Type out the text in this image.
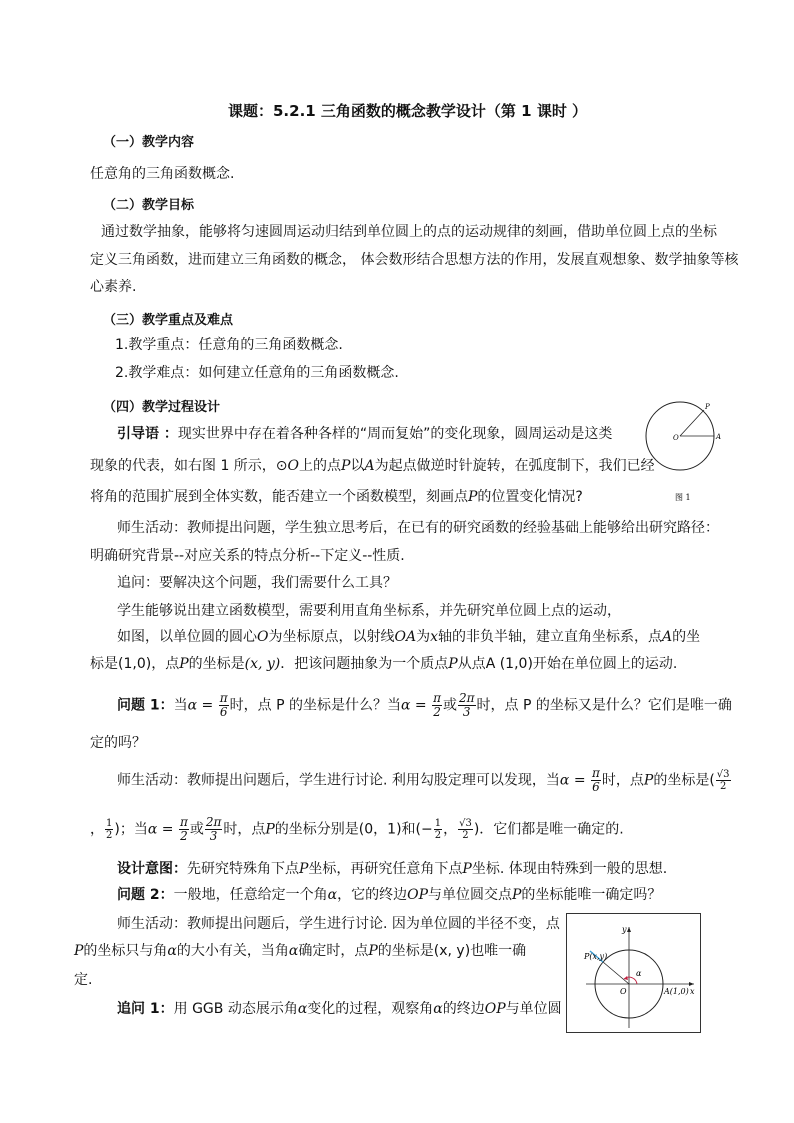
课题：5.2.1 三角函数的概念教学设计（第 1 课时 ）
（一）教学内容
任意角的三角函数概念.
（二）教学目标
通过数学抽象，能够将匀速圆周运动归结到单位圆上的点的运动规律的刻画，借助单位圆上点的坐标
定义三角函数，进而建立三角函数的概念， 体会数形结合思想方法的作用，发展直观想象、数学抽象等核
心素养.
（三）教学重点及难点
1.教学重点：任意角的三角函数概念.
2.教学难点：如何建立任意角的三角函数概念.
（四）教学过程设计
引导语 ：现实世界中存在着各种各样的“周而复始”的变化现象，圆周运动是这类
现象的代表，如右图 1 所示，⊙O上的点P以A为起点做逆时针旋转，在弧度制下，我们已经
将角的范围扩展到全体实数，能否建立一个函数模型，刻画点P的位置变化情况?
O	A
P
图 1
师生活动：教师提出问题，学生独立思考后，在已有的研究函数的经验基础上能够给出研究路径：
明确研究背景--对应关系的特点分析--下定义--性质.
追问：要解决这个问题，我们需要什么工具？
学生能够说出建立函数模型，需要利用直角坐标系，并先研究单位圆上点的运动，
如图，以单位圆的圆心O为坐标原点，以射线OA为x轴的非负半轴，建立直角坐标系，点A的坐
标是(1,0)，点P的坐标是(x, y)．把该问题抽象为一个质点P从点A (1,0)开始在单位圆上的运动.
问题 1：当$\alpha = \frac{\pi}{6}$ 时，点 P 的坐标是什么？当$\alpha = \frac{\pi}{2}$ 或 $\frac{2\pi}{3}$ 时，点 P 的坐标又是什么？它们是唯一确
定的吗？
师生活动：教师提出问题后，学生进行讨论. 利用勾股定理可以发现，当$\alpha = \frac{\pi}{6}$ 时，点P的坐标是( $\frac{√3}{2}$
， $\frac{1}{2}$ )；当$\alpha = \frac{\pi}{2}$ 或 $\frac{2\pi}{3}$ 时，点P的坐标分别是(0，1)和(− $\frac{1}{2}$ ， $\frac{√3}{2}$ )．它们都是唯一确定的.
设计意图：先研究特殊角下点P坐标，再研究任意角下点P坐标. 体现由特殊到一般的思想.
问题 2：一般地，任意给定一个角α，它的终边OP与单位圆交点P的坐标能唯一确定吗？
师生活动：教师提出问题后，学生进行讨论. 因为单位圆的半径不变，点
P的坐标只与角α的大小有关，当角α确定时，点P的坐标是(x, y)也唯一确
定.
追问 1：用 GGB 动态展示角α变化的过程，观察角α的终边OP与单位圆
P(x,y)
A(1,0)
O	x
y
α
